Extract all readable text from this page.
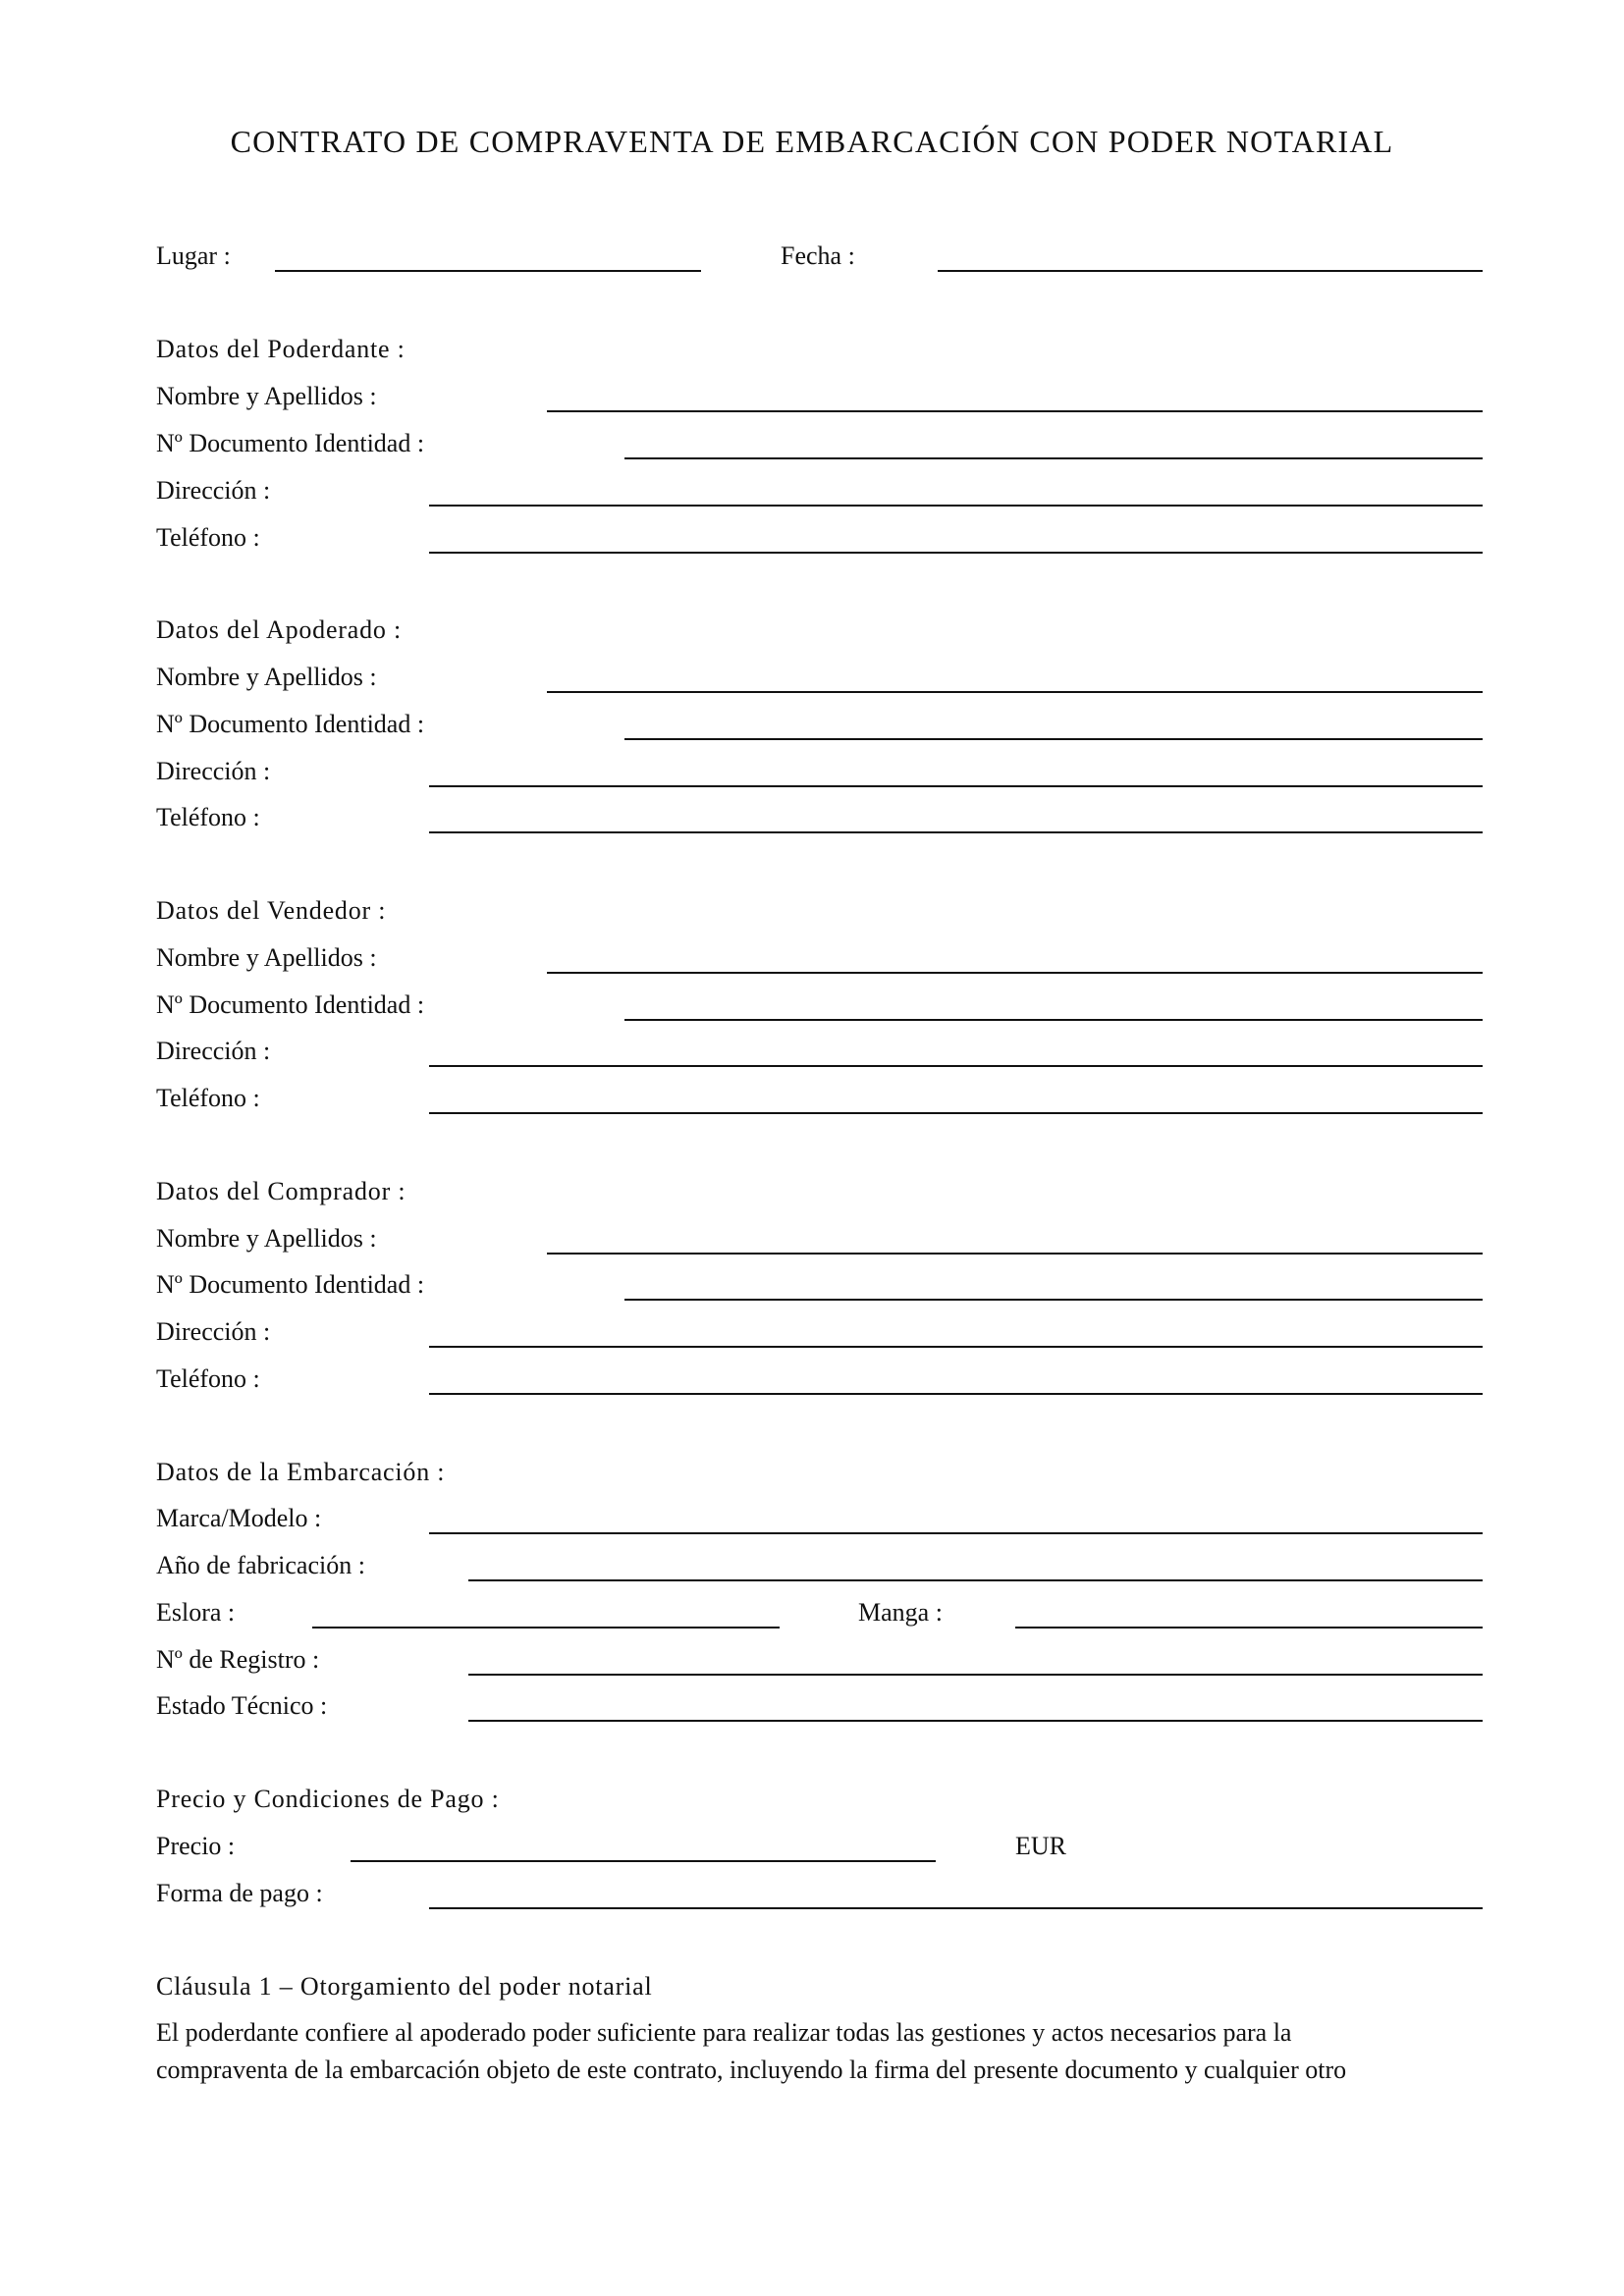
CONTRATO DE COMPRAVENTA DE EMBARCACIÓN CON PODER NOTARIAL
Lugar :	Fecha :
Datos del Poderdante :
Nombre y Apellidos :
Nº Documento Identidad :
Dirección :
Teléfono :
Datos del Apoderado :
Nombre y Apellidos :
Nº Documento Identidad :
Dirección :
Teléfono :
Datos del Vendedor :
Nombre y Apellidos :
Nº Documento Identidad :
Dirección :
Teléfono :
Datos del Comprador :
Nombre y Apellidos :
Nº Documento Identidad :
Dirección :
Teléfono :
Datos de la Embarcación :
Marca/Modelo :
Año de fabricación :
Eslora :	Manga :
Nº de Registro :
Estado Técnico :
Precio y Condiciones de Pago :
Precio :	EUR
Forma de pago :
Cláusula 1 – Otorgamiento del poder notarial
El poderdante confiere al apoderado poder suficiente para realizar todas las gestiones y actos necesarios para la
compraventa de la embarcación objeto de este contrato, incluyendo la firma del presente documento y cualquier otro
